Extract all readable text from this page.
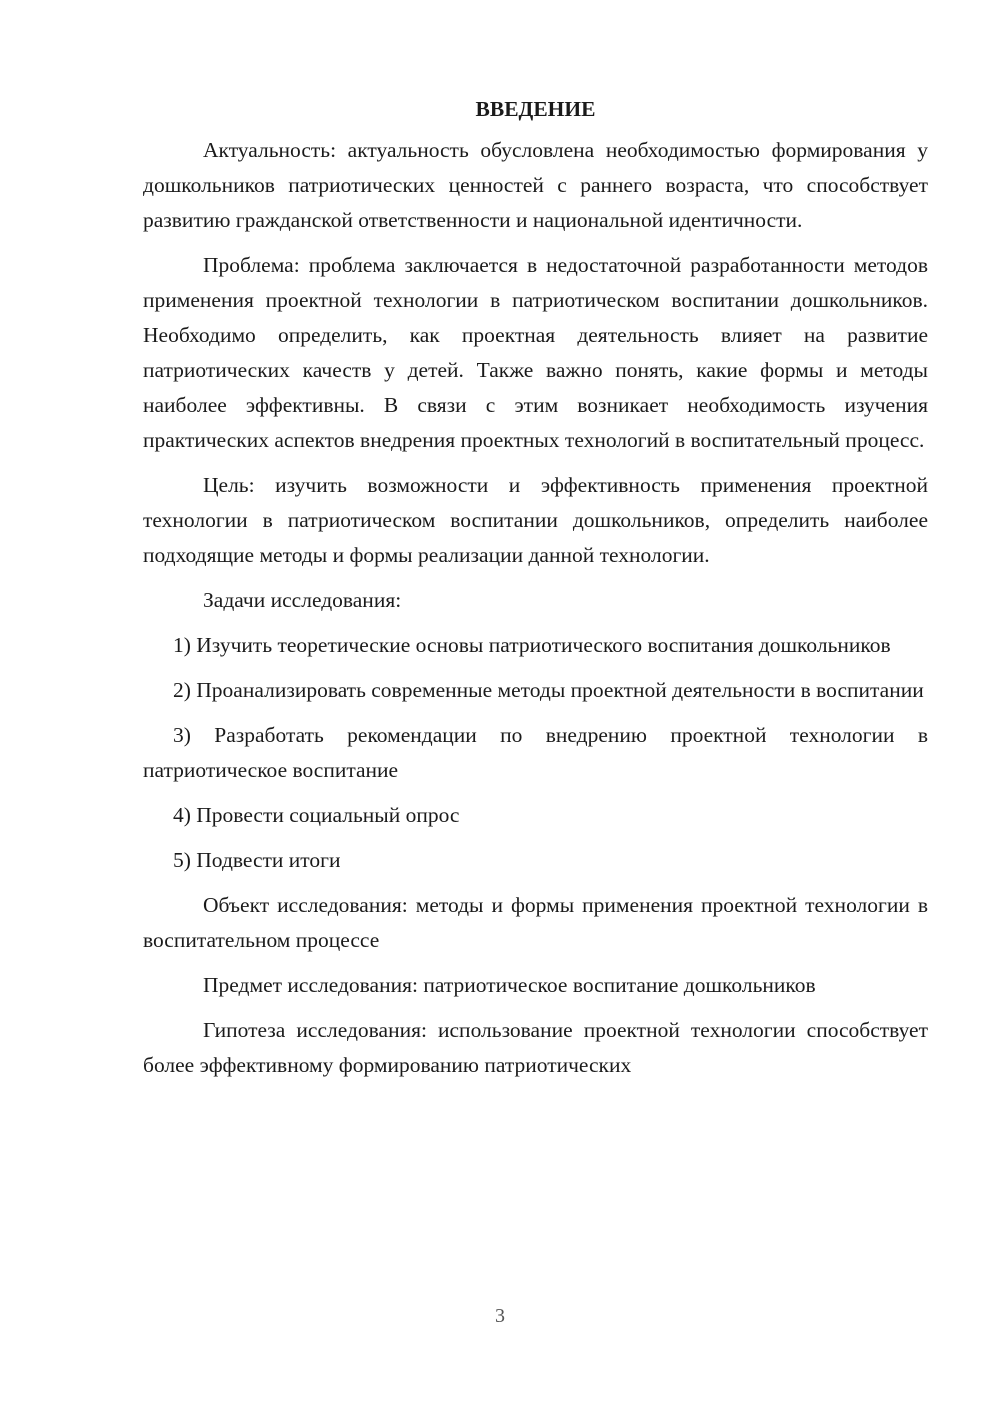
ВВЕДЕНИЕ

Актуальность: актуальность обусловлена необходимостью формирования у дошкольников патриотических ценностей с раннего возраста, что способствует развитию гражданской ответственности и национальной идентичности.

Проблема: проблема заключается в недостаточной разработанности методов применения проектной технологии в патриотическом воспитании дошкольников. Необходимо определить, как проектная деятельность влияет на развитие патриотических качеств у детей. Также важно понять, какие формы и методы наиболее эффективны. В связи с этим возникает необходимость изучения практических аспектов внедрения проектных технологий в воспитательный процесс.

Цель: изучить возможности и эффективность применения проектной технологии в патриотическом воспитании дошкольников, определить наиболее подходящие методы и формы реализации данной технологии.

Задачи исследования:

1) Изучить теоретические основы патриотического воспитания дошкольников

2) Проанализировать современные методы проектной деятельности в воспитании

3) Разработать рекомендации по внедрению проектной технологии в патриотическое воспитание

4) Провести социальный опрос

5) Подвести итоги

Объект исследования: методы и формы применения проектной технологии в воспитательном процессе

Предмет исследования: патриотическое воспитание дошкольников

Гипотеза исследования: использование проектной технологии способствует более эффективному формированию патриотических

3
